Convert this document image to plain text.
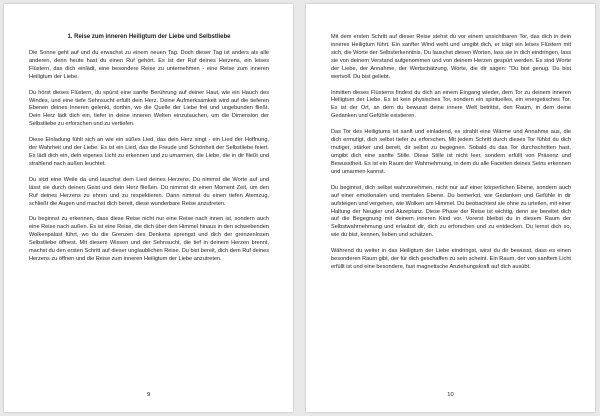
1. Reise zum inneren Heiligtum der Liebe und Selbstliebe

Die Sonne geht auf und du erwachst zu einem neuen Tag. Doch dieser Tag ist anders als alle anderen, denn heute hast du einen Ruf gehört. Es ist der Ruf deines Herzens, ein leises Flüstern, das dich einlädt, eine besondere Reise zu unternehmen - eine Reise zum inneren Heiligtum der Liebe.

Du hörst dieses Flüstern, du spürst eine sanfte Berührung auf deiner Haut, wie ein Hauch des Windes, und eine tiefe Sehnsucht erfüllt dein Herz. Deine Aufmerksamkeit wird auf die tieferen Ebenen deines Inneren gelenkt, dorthin, wo die Quelle der Liebe frei und ungebunden fließt. Dein Herz lädt dich ein, tiefer in deine inneren Welten einzutauchen, um die Dimension der Selbstliebe zu erforschen und zu vertiefen.

Diese Einladung fühlt sich an wie ein süßes Lied, das dein Herz singt - ein Lied der Hoffnung, der Wahrheit und der Liebe. Es ist ein Lied, das die Freude und Schönheit der Selbstliebe feiert. Es lädt dich ein, dein eigenes Licht zu erkennen und zu umarmen, die Liebe, die in dir fließt und strahlend nach außen leuchtet.

Du sitzt eine Weile da und lauschst dem Lied deines Herzens. Du nimmst die Worte auf und lässt sie durch deinen Geist und dein Herz fließen. Du nimmst dir einen Moment Zeit, um den Ruf deines Herzens zu ehren und zu respektieren. Dann nimmst du einen tiefen Atemzug, schließt die Augen und machst dich bereit, diese wunderbare Reise anzutreten.

Du beginnst zu erkennen, dass diese Reise nicht nur eine Reise nach innen ist, sondern auch eine Reise nach außen. Es ist eine Reise, die dich über den Himmel hinaus in den schwebenden Wolkenpalast führt, wo du die Grenzen des Denkens sprengst und dich der grenzenlosen Selbstliebe öffnest. Mit diesem Wissen und der Sehnsucht, die tief in deinem Herzen brennt, machst du den ersten Schritt auf dieser unglaublichen Reise. Du bist bereit, dich dem Ruf deines Herzens zu öffnen und die Reise zum inneren Heiligtum der Liebe anzutreten.

9

Mit dem ersten Schritt auf dieser Reise stehst du vor einem unsichtbaren Tor, das dich in dein inneres Heiligtum führt. Ein sanfter Wind weht und umgibt dich, er trägt ein leises Flüstern mit sich, die Worte der Selbsterkenntnis. Du lauschst diesen Worten, lass sie in dich eindringen, lass sie von deinem Verstand aufgenommen und von deinem Herzen gespürt werden. Es sind Worte der Liebe, der Annahme, der Wertschätzung, Worte, die dir sagen: "Du bist genug. Du bist wertvoll. Du bist geliebt.

Inmitten dieses Flüsterns findest du dich an einem Eingang wieder, dem Tor zu deinem inneren Heiligtum der Liebe. Es ist kein physisches Tor, sondern ein spirituelles, ein energetisches Tor. Es ist der Ort, an dem du bewusst deine innere Welt betrittst, den Raum, in dem deine Gedanken und Gefühle existieren.

Das Tor des Heiligtums ist sanft und einladend, es strahlt eine Wärme und Annahme aus, die dich ermutigt, dich selbst tiefer zu erforschen. Mit jedem Schritt durch dieses Tor fühlst du dich mutiger, stärker und bereit, dir selbst zu begegnen. Sobald du das Tor durchschritten hast, umgibt dich eine sanfte Stille. Diese Stille ist nicht leer, sondern erfüllt von Präsenz und Bewusstheit. Es ist ein Raum der Wahrnehmung, in dem du alle Facetten deines Seins erkennen und umarmen kannst.

Du beginnst, dich selbst wahrzunehmen, nicht nur auf einer körperlichen Ebene, sondern auch auf einer emotionalen und mentalen Ebene. Du bemerkst, wie Gedanken und Gefühle in dir aufsteigen und vergehen, wie Wolken am Himmel. Du beobachtest sie ohne zu urteilen, mit einer Haltung der Neugier und Akzeptanz. Diese Phase der Reise ist wichtig, denn sie bereitet dich auf die Begegnung mit deinem inneren Kind vor. Vorerst bleibst du in diesem Raum der Selbstwahrnehmung und erlaubst dir, dich zu erforschen und zu entdecken. Du lernst dich so, wie du bist, kennen, lieben und schätzen.

Während du weiter in das Heiligtum der Liebe eindringst, wirst du dir bewusst, dass es einen besonderen Raum gibt, der für dich geschaffen zu sein scheint. Ein Raum, der von sanftem Licht erfüllt ist und eine besondere, fast magnetische Anziehungskraft auf dich ausübt.

10
